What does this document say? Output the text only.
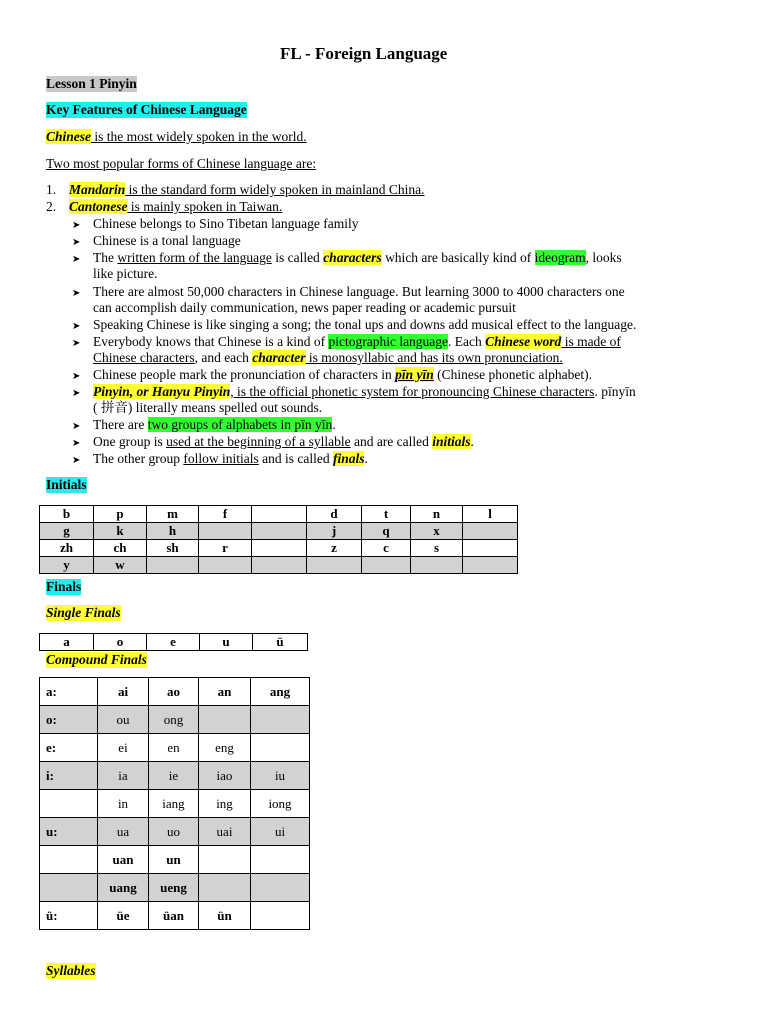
FL - Foreign Language
Lesson 1 Pinyin
Key Features of Chinese Language
Chinese is the most widely spoken in the world.
Two most popular forms of Chinese language are:
1. Mandarin is the standard form widely spoken in mainland China.
2. Cantonese is mainly spoken in Taiwan.
➤ Chinese belongs to Sino Tibetan language family
➤ Chinese is a tonal language
➤ The written form of the language is called characters which are basically kind of ideogram, looks
like picture.
➤ There are almost 50,000 characters in Chinese language. But learning 3000 to 4000 characters one
can accomplish daily communication, news paper reading or academic pursuit
➤ Speaking Chinese is like singing a song; the tonal ups and downs add musical effect to the language.
➤ Everybody knows that Chinese is a kind of pictographic language. Each Chinese word is made of
Chinese characters, and each character is monosyllabic and has its own pronunciation.
➤ Chinese people mark the pronunciation of characters in pīn yīn (Chinese phonetic alphabet).
➤ Pinyin, or Hanyu Pinyin, is the official phonetic system for pronouncing Chinese characters. pīnyīn
( 拼音) literally means spelled out sounds.
➤ There are two groups of alphabets in pīn yīn.
➤ One group is used at the beginning of a syllable and are called initials.
➤ The other group follow initials and is called finals.
Initials
b	p	m	f		d	t	n	l
g	k	h			j	q	x	
zh	ch	sh	r		z	c	s	
y	w							
Finals
Single Finals
a	o	e	u	ü
Compound Finals
a:	ai	ao	an	ang
o:	ou	ong		
e:	ei	en	eng	
i:	ia	ie	iao	iu
	in	iang	ing	iong
u:	ua	uo	uai	ui
	uan	un		
	uang	ueng		
ü:	üe	üan	ün	
Syllables
